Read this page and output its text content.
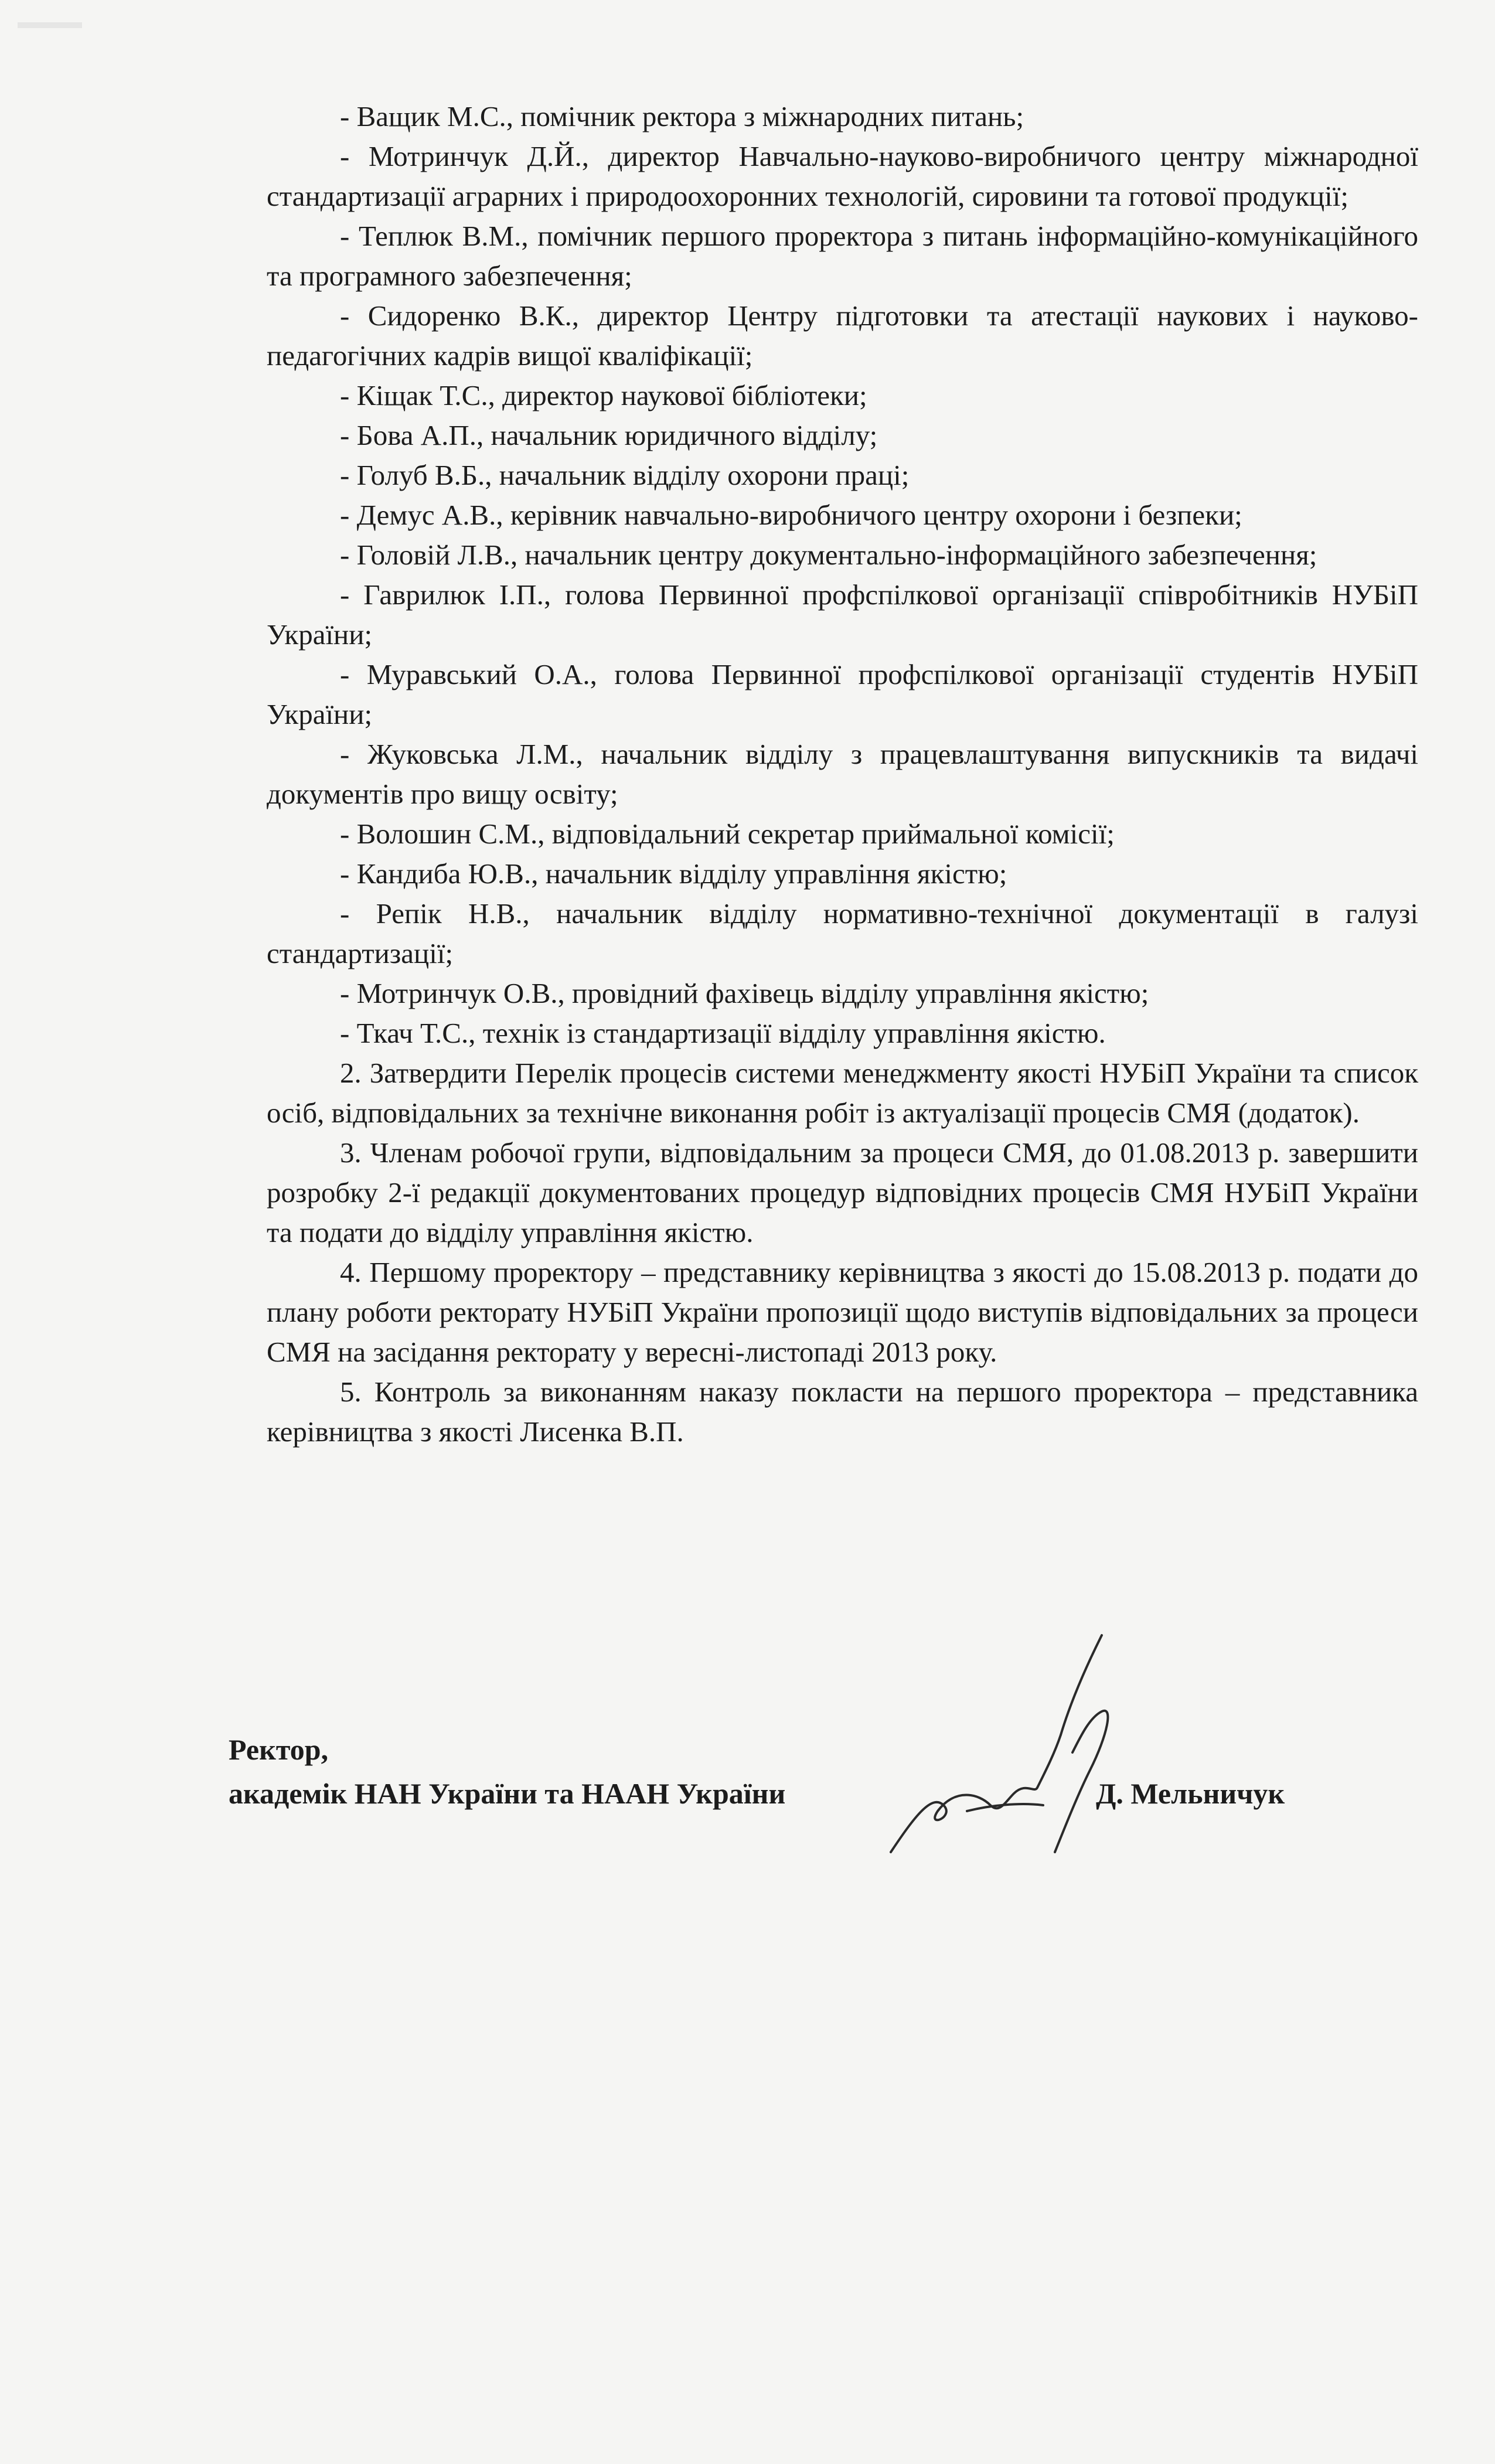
- Ващик М.С., помічник ректора з міжнародних питань;

- Мотринчук Д.Й., директор Навчально-науково-виробничого центру міжнародної стандартизації аграрних і природоохоронних технологій, сировини та готової продукції;

- Теплюк В.М., помічник першого проректора з питань інформаційно-комунікаційного та програмного забезпечення;

- Сидоренко В.К., директор Центру підготовки та атестації наукових і науково-педагогічних кадрів вищої кваліфікації;

- Кіщак Т.С., директор наукової бібліотеки;

- Бова А.П., начальник юридичного відділу;

- Голуб В.Б., начальник відділу охорони праці;

- Демус А.В., керівник навчально-виробничого центру охорони і безпеки;

- Головій Л.В., начальник центру документально-інформаційного забезпечення;

- Гаврилюк І.П., голова Первинної профспілкової організації співробітників НУБіП України;

- Муравський О.А., голова Первинної профспілкової організації студентів НУБіП України;

- Жуковська Л.М., начальник відділу з працевлаштування випускників та видачі документів про вищу освіту;

- Волошин С.М., відповідальний секретар приймальної комісії;

- Кандиба Ю.В., начальник відділу управління якістю;

- Репік Н.В., начальник відділу нормативно-технічної документації в галузі стандартизації;

- Мотринчук О.В., провідний фахівець відділу управління якістю;

- Ткач Т.С., технік із стандартизації відділу управління якістю.

2. Затвердити Перелік процесів системи менеджменту якості НУБіП України та список осіб, відповідальних за технічне виконання робіт із актуалізації процесів СМЯ (додаток).

3. Членам робочої групи, відповідальним за процеси СМЯ, до 01.08.2013 р. завершити розробку 2-ї редакції документованих процедур відповідних процесів СМЯ НУБіП України та подати до відділу управління якістю.

4. Першому проректору – представнику керівництва з якості до 15.08.2013 р. подати до плану роботи ректорату НУБіП України пропозиції щодо виступів відповідальних за процеси СМЯ на засідання ректорату у вересні-листопаді 2013 року.

5. Контроль за виконанням наказу покласти на першого проректора – представника керівництва з якості Лисенка В.П.

Ректор,
академік НАН України та НААН України	Д. Мельничук
